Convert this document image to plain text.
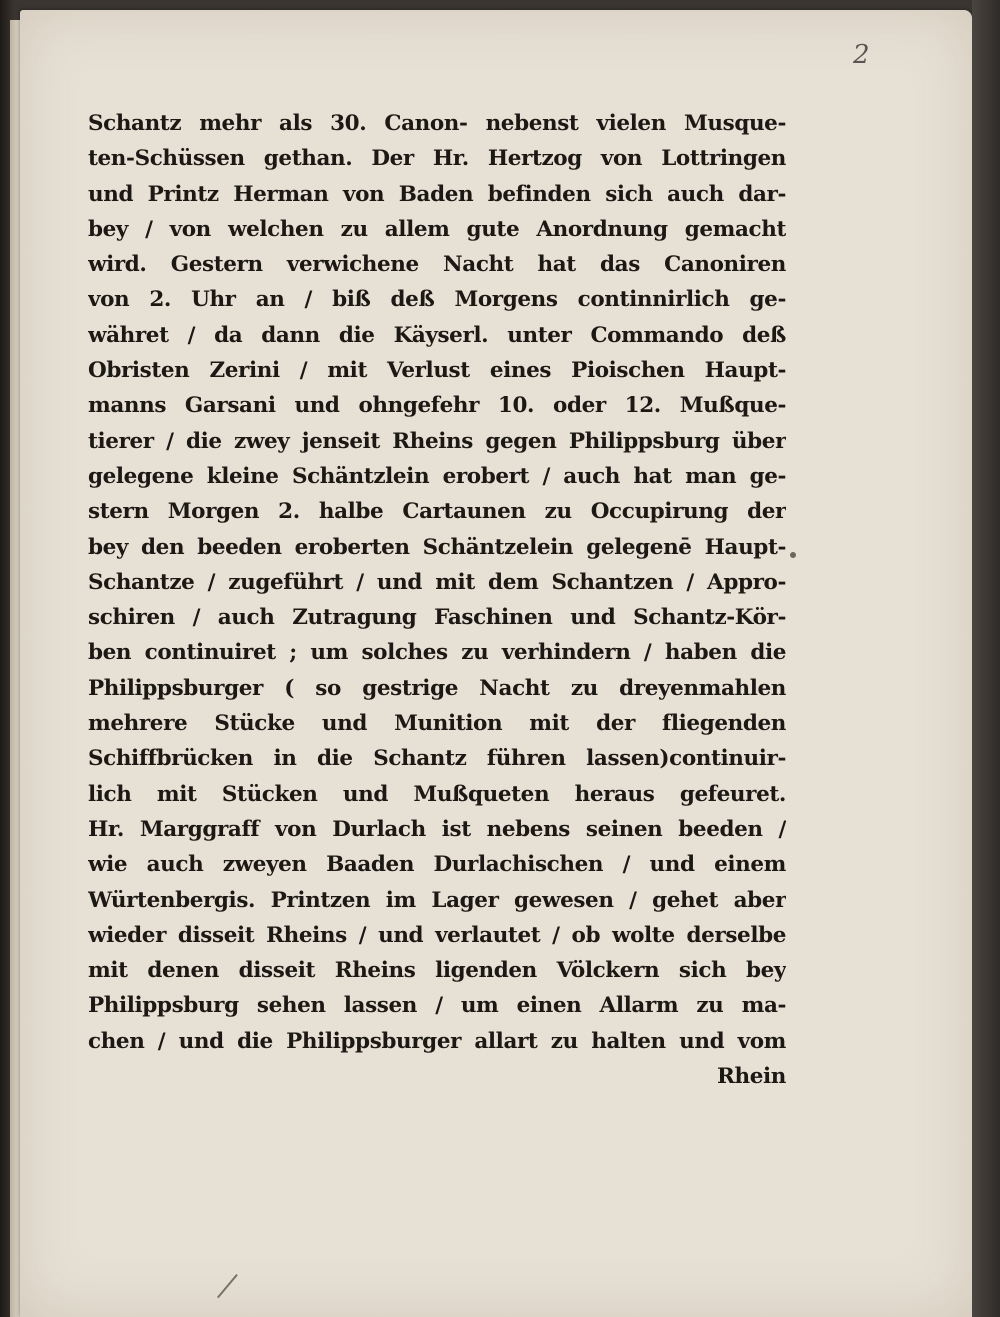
2
Schantz mehr als 30. Canon- nebenst vielen Musque-
ten-Schüssen gethan. Der Hr. Hertzog von Lottringen
und Printz Herman von Baden befinden sich auch dar-
bey / von welchen zu allem gute Anordnung gemacht
wird. Gestern verwichene Nacht hat das Canoniren
von 2. Uhr an / biß deß Morgens continnirlich ge-
währet / da dann die Käyserl. unter Commando deß
Obristen Zerini / mit Verlust eines Pioischen Haupt-
manns Garsani und ohngefehr 10. oder 12. Mußque-
tierer / die zwey jenseit Rheins gegen Philippsburg über
gelegene kleine Schäntzlein erobert / auch hat man ge-
stern Morgen 2. halbe Cartaunen zu Occupirung der
bey den beeden eroberten Schäntzelein gelegenē Haupt-
Schantze / zugeführt / und mit dem Schantzen / Appro-
schiren / auch Zutragung Faschinen und Schantz-Kör-
ben continuiret ; um solches zu verhindern / haben die
Philippsburger ( so gestrige Nacht zu dreyenmahlen
mehrere Stücke und Munition mit der fliegenden
Schiffbrücken in die Schantz führen lassen)continuir-
lich mit Stücken und Mußqueten heraus gefeuret.
Hr. Marggraff von Durlach ist nebens seinen beeden /
wie auch zweyen Baaden Durlachischen / und einem
Würtenbergis. Printzen im Lager gewesen / gehet aber
wieder disseit Rheins / und verlautet / ob wolte derselbe
mit denen disseit Rheins ligenden Völckern sich bey
Philippsburg sehen lassen / um einen Allarm zu ma-
chen / und die Philippsburger allart zu halten und vom
Rhein
